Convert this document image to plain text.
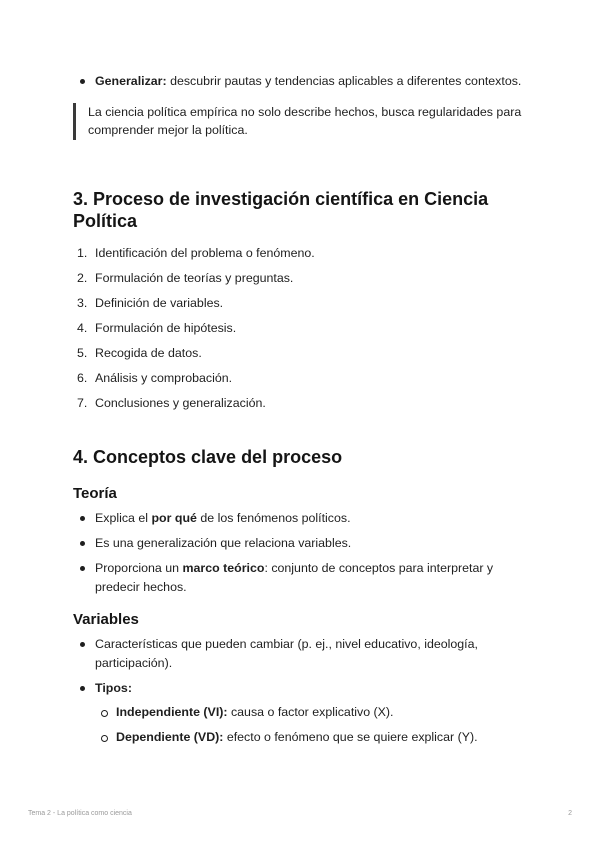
Generalizar: descubrir pautas y tendencias aplicables a diferentes contextos.
La ciencia política empírica no solo describe hechos, busca regularidades para comprender mejor la política.
3. Proceso de investigación científica en Ciencia Política
1. Identificación del problema o fenómeno.
2. Formulación de teorías y preguntas.
3. Definición de variables.
4. Formulación de hipótesis.
5. Recogida de datos.
6. Análisis y comprobación.
7. Conclusiones y generalización.
4. Conceptos clave del proceso
Teoría
Explica el por qué de los fenómenos políticos.
Es una generalización que relaciona variables.
Proporciona un marco teórico: conjunto de conceptos para interpretar y predecir hechos.
Variables
Características que pueden cambiar (p. ej., nivel educativo, ideología, participación).
Tipos:
Independiente (VI): causa o factor explicativo (X).
Dependiente (VD): efecto o fenómeno que se quiere explicar (Y).
Tema 2 - La política como ciencia	2
